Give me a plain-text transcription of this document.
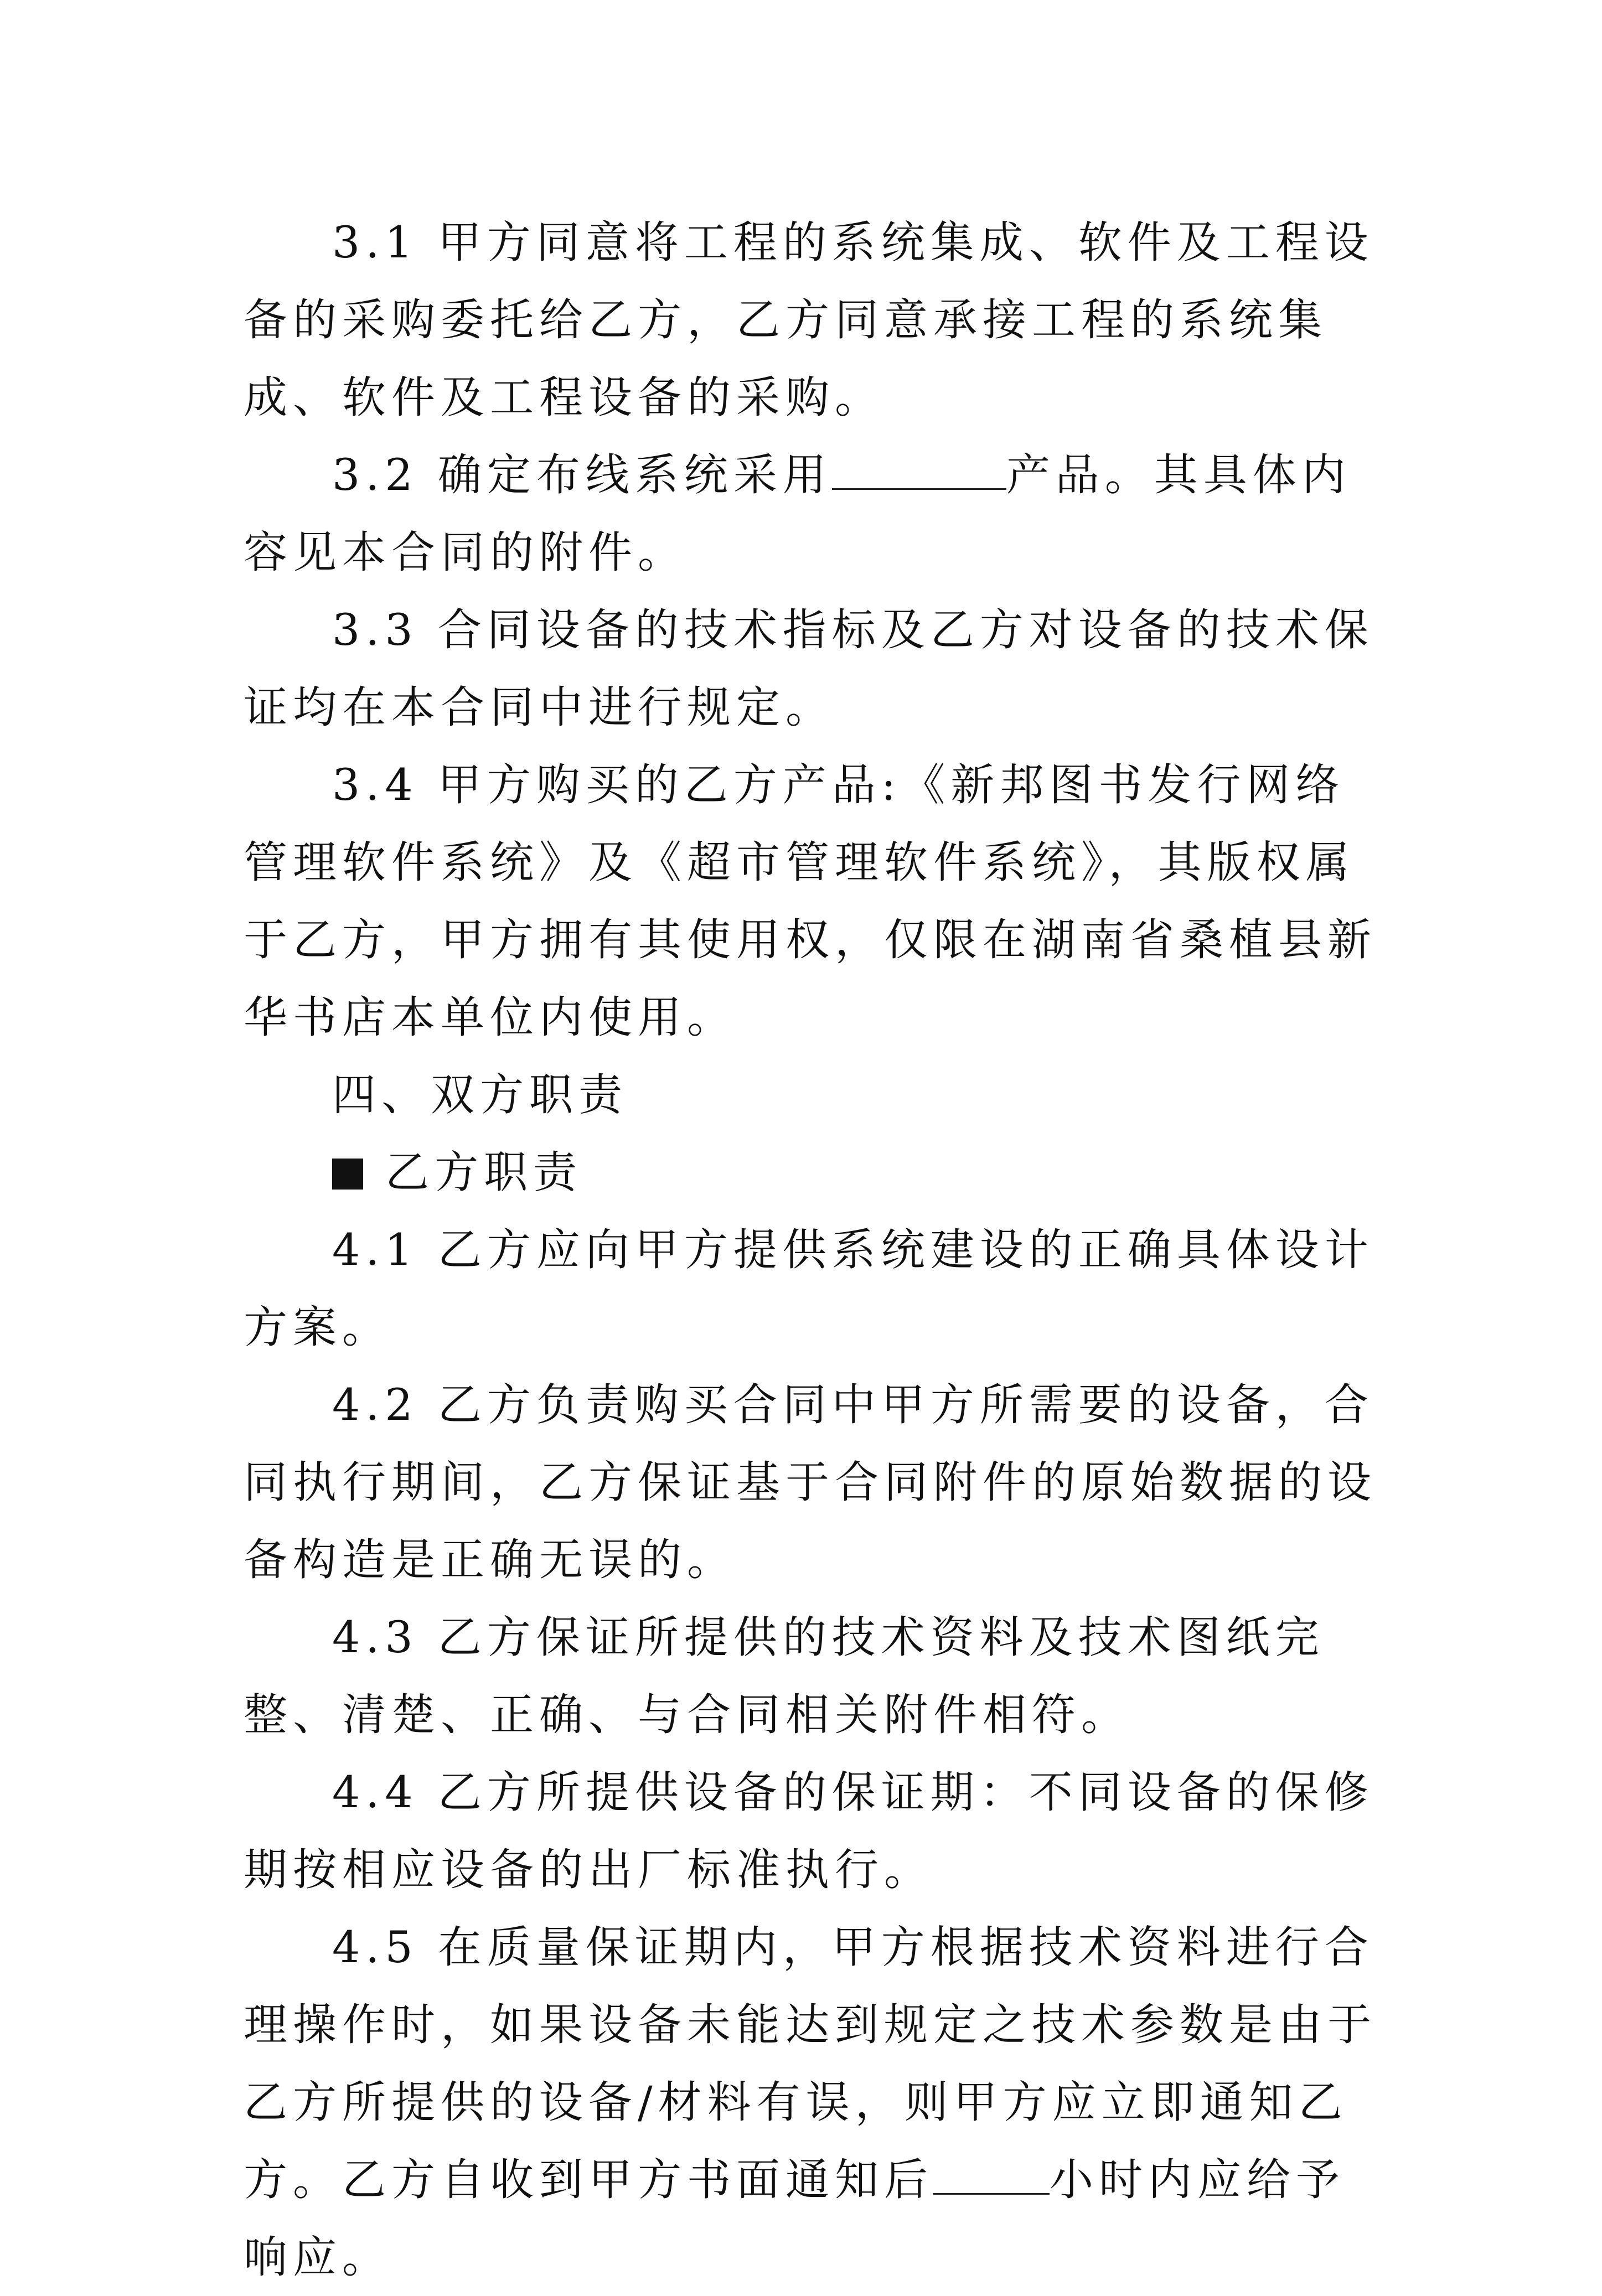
3.1 甲方同意将工程的系统集成、软件及工程设备的采购委托给乙方，乙方同意承接工程的系统集成、软件及工程设备的采购。

3.2 确定布线系统采用	产品。其具体内容见本合同的附件。

3.3 合同设备的技术指标及乙方对设备的技术保证均在本合同中进行规定。

3.4 甲方购买的乙方产品:《新邦图书发行网络管理软件系统》及《超市管理软件系统》，其版权属于乙方，甲方拥有其使用权，仅限在湖南省桑植县新华书店本单位内使用。

四、双方职责

乙方职责

4.1 乙方应向甲方提供系统建设的正确具体设计方案。

4.2 乙方负责购买合同中甲方所需要的设备，合同执行期间，乙方保证基于合同附件的原始数据的设备构造是正确无误的。

4.3 乙方保证所提供的技术资料及技术图纸完整、清楚、正确、与合同相关附件相符。

4.4 乙方所提供设备的保证期：不同设备的保修期按相应设备的出厂标准执行。

4.5 在质量保证期内，甲方根据技术资料进行合理操作时，如果设备未能达到规定之技术参数是由于乙方所提供的设备/材料有误，则甲方应立即通知乙方。乙方自收到甲方书面通知后	小时内应给予响应。
